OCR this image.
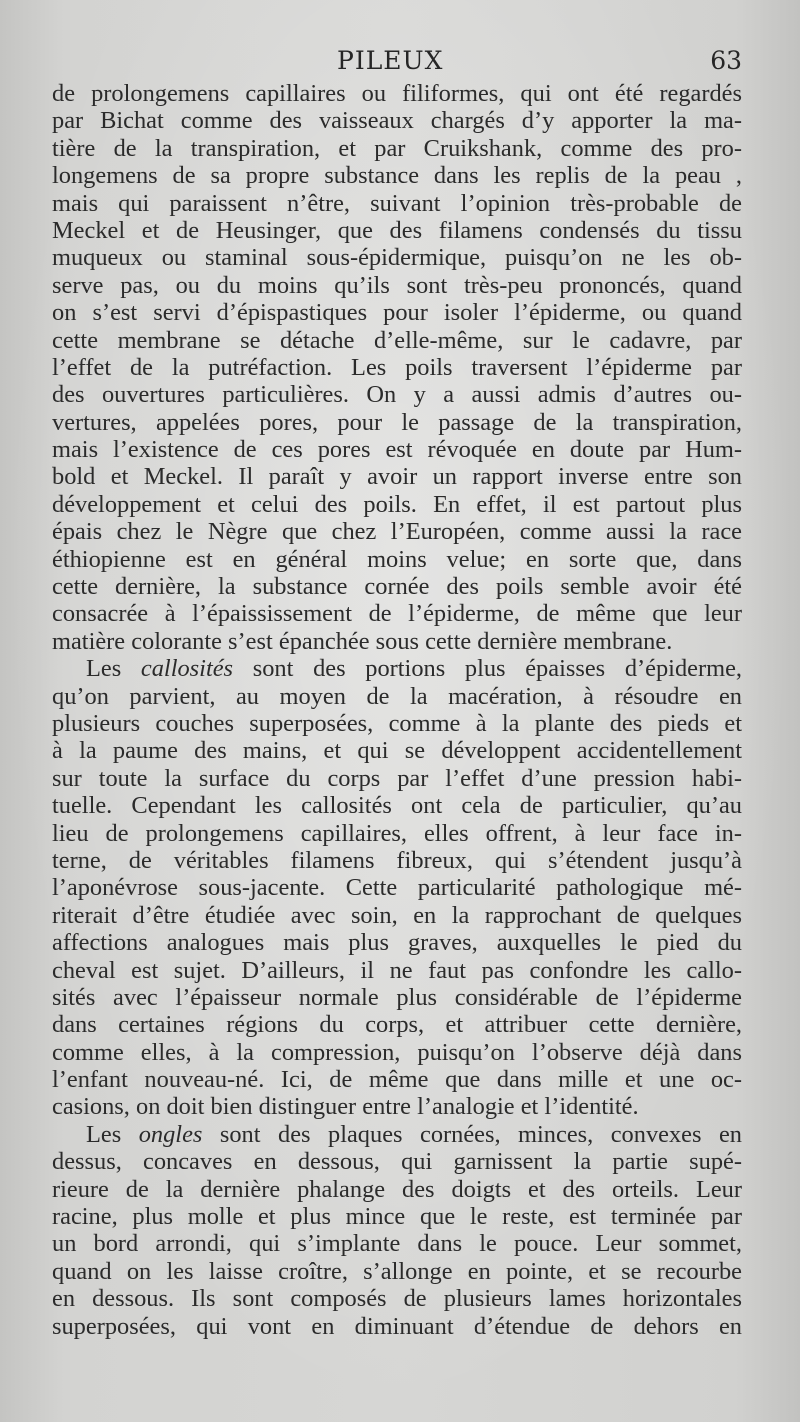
PILEUX	63
de prolongemens capillaires ou filiformes, qui ont été regardés
par Bichat comme des vaisseaux chargés d’y apporter la ma-
tière de la transpiration, et par Cruikshank, comme des pro-
longemens de sa propre substance dans les replis de la peau ,
mais qui paraissent n’être, suivant l’opinion très-probable de
Meckel et de Heusinger, que des filamens condensés du tissu
muqueux ou staminal sous-épidermique, puisqu’on ne les ob-
serve pas, ou du moins qu’ils sont très-peu prononcés, quand
on s’est servi d’épispastiques pour isoler l’épiderme, ou quand
cette membrane se détache d’elle-même, sur le cadavre, par
l’effet de la putréfaction. Les poils traversent l’épiderme par
des ouvertures particulières. On y a aussi admis d’autres ou-
vertures, appelées pores, pour le passage de la transpiration,
mais l’existence de ces pores est révoquée en doute par Hum-
bold et Meckel. Il paraît y avoir un rapport inverse entre son
développement et celui des poils. En effet, il est partout plus
épais chez le Nègre que chez l’Européen, comme aussi la race
éthiopienne est en général moins velue; en sorte que, dans
cette dernière, la substance cornée des poils semble avoir été
consacrée à l’épaississement de l’épiderme, de même que leur
matière colorante s’est épanchée sous cette dernière membrane.
Les callosités sont des portions plus épaisses d’épiderme,
qu’on parvient, au moyen de la macération, à résoudre en
plusieurs couches superposées, comme à la plante des pieds et
à la paume des mains, et qui se développent accidentellement
sur toute la surface du corps par l’effet d’une pression habi-
tuelle. Cependant les callosités ont cela de particulier, qu’au
lieu de prolongemens capillaires, elles offrent, à leur face in-
terne, de véritables filamens fibreux, qui s’étendent jusqu’à
l’aponévrose sous-jacente. Cette particularité pathologique mé-
riterait d’être étudiée avec soin, en la rapprochant de quelques
affections analogues mais plus graves, auxquelles le pied du
cheval est sujet. D’ailleurs, il ne faut pas confondre les callo-
sités avec l’épaisseur normale plus considérable de l’épiderme
dans certaines régions du corps, et attribuer cette dernière,
comme elles, à la compression, puisqu’on l’observe déjà dans
l’enfant nouveau-né. Ici, de même que dans mille et une oc-
casions, on doit bien distinguer entre l’analogie et l’identité.
Les ongles sont des plaques cornées, minces, convexes en
dessus, concaves en dessous, qui garnissent la partie supé-
rieure de la dernière phalange des doigts et des orteils. Leur
racine, plus molle et plus mince que le reste, est terminée par
un bord arrondi, qui s’implante dans le pouce. Leur sommet,
quand on les laisse croître, s’allonge en pointe, et se recourbe
en dessous. Ils sont composés de plusieurs lames horizontales
superposées, qui vont en diminuant d’étendue de dehors en
